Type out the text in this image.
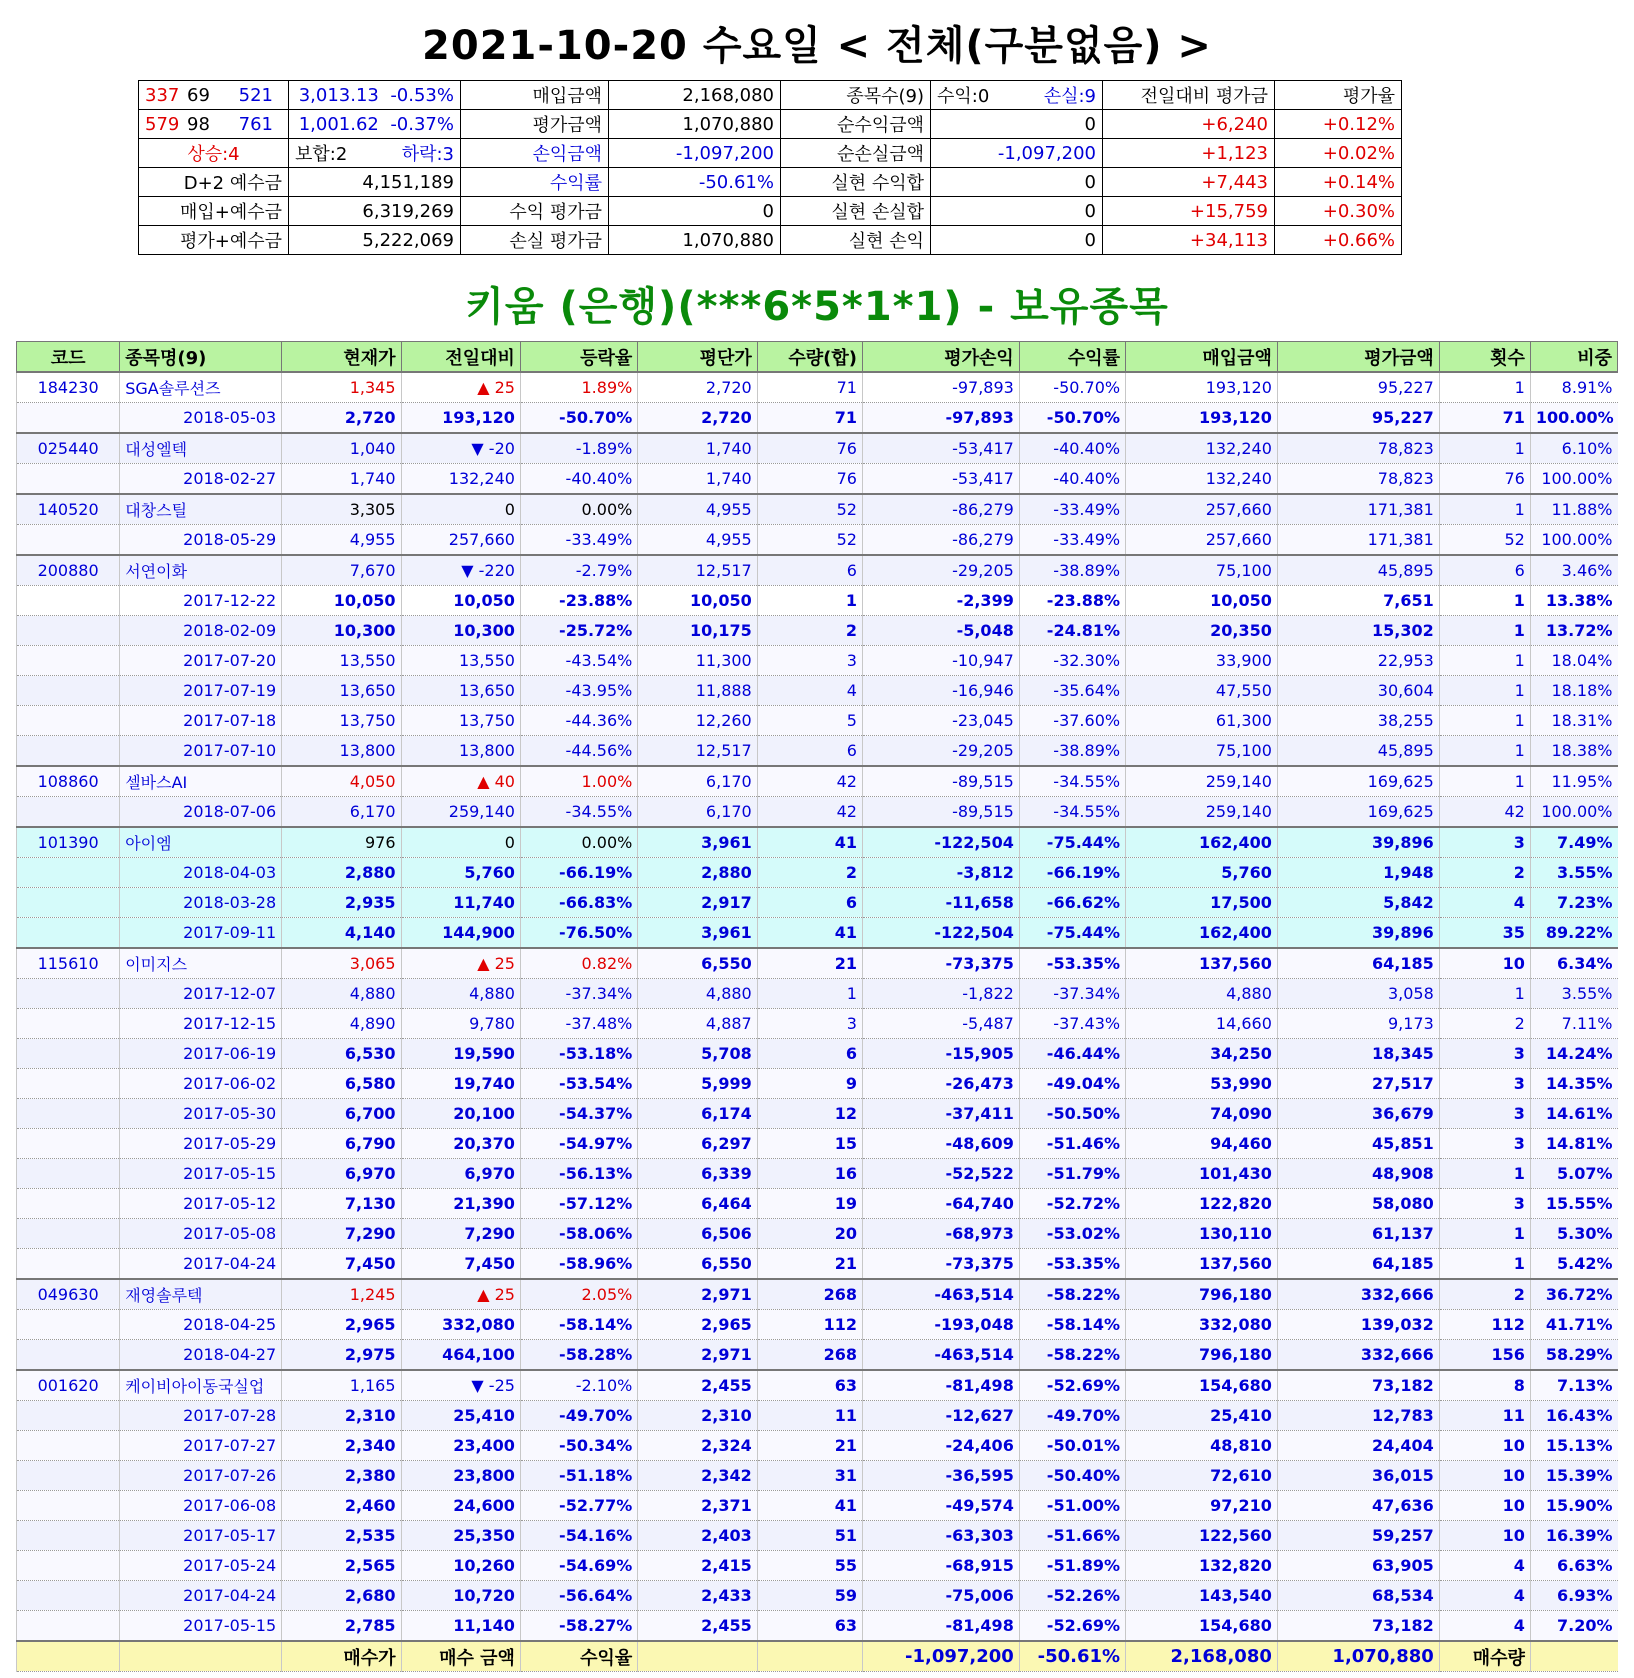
2021-10-20 수요일 < 전체(구분없음) >
337 69 521	3,013.13 -0.53%	매입금액	2,168,080	종목수(9)	수익:0 손실:9	전일대비 평가금	평가율
579 98 761	1,001.62 -0.37%	평가금액	1,070,880	순수익금액	0	+6,240	+0.12%
상승:4	보합:2 하락:3	손익금액	-1,097,200	순손실금액	-1,097,200	+1,123	+0.02%
D+2 예수금	4,151,189	수익률	-50.61%	실현 수익합	0	+7,443	+0.14%
매입+예수금	6,319,269	수익 평가금	0	실현 손실합	0	+15,759	+0.30%
평가+예수금	5,222,069	손실 평가금	1,070,880	실현 손익	0	+34,113	+0.66%
키움 (은행)(***6*5*1*1) - 보유종목
코드	종목명(9)	현재가	전일대비	등락율	평단가	수량(합)	평가손익	수익률	매입금액	평가금액	횟수	비중
184230	SGA솔루션즈	1,345	▲ 25	1.89%	2,720	71	-97,893	-50.70%	193,120	95,227	1	8.91%
	2018-05-03	2,720	193,120	-50.70%	2,720	71	-97,893	-50.70%	193,120	95,227	71	100.00%
025440	대성엘텍	1,040	▼ -20	-1.89%	1,740	76	-53,417	-40.40%	132,240	78,823	1	6.10%
	2018-02-27	1,740	132,240	-40.40%	1,740	76	-53,417	-40.40%	132,240	78,823	76	100.00%
140520	대창스틸	3,305	0	0.00%	4,955	52	-86,279	-33.49%	257,660	171,381	1	11.88%
	2018-05-29	4,955	257,660	-33.49%	4,955	52	-86,279	-33.49%	257,660	171,381	52	100.00%
200880	서연이화	7,670	▼ -220	-2.79%	12,517	6	-29,205	-38.89%	75,100	45,895	6	3.46%
	2017-12-22	10,050	10,050	-23.88%	10,050	1	-2,399	-23.88%	10,050	7,651	1	13.38%
	2018-02-09	10,300	10,300	-25.72%	10,175	2	-5,048	-24.81%	20,350	15,302	1	13.72%
	2017-07-20	13,550	13,550	-43.54%	11,300	3	-10,947	-32.30%	33,900	22,953	1	18.04%
	2017-07-19	13,650	13,650	-43.95%	11,888	4	-16,946	-35.64%	47,550	30,604	1	18.18%
	2017-07-18	13,750	13,750	-44.36%	12,260	5	-23,045	-37.60%	61,300	38,255	1	18.31%
	2017-07-10	13,800	13,800	-44.56%	12,517	6	-29,205	-38.89%	75,100	45,895	1	18.38%
108860	셀바스AI	4,050	▲ 40	1.00%	6,170	42	-89,515	-34.55%	259,140	169,625	1	11.95%
	2018-07-06	6,170	259,140	-34.55%	6,170	42	-89,515	-34.55%	259,140	169,625	42	100.00%
101390	아이엠	976	0	0.00%	3,961	41	-122,504	-75.44%	162,400	39,896	3	7.49%
	2018-04-03	2,880	5,760	-66.19%	2,880	2	-3,812	-66.19%	5,760	1,948	2	3.55%
	2018-03-28	2,935	11,740	-66.83%	2,917	6	-11,658	-66.62%	17,500	5,842	4	7.23%
	2017-09-11	4,140	144,900	-76.50%	3,961	41	-122,504	-75.44%	162,400	39,896	35	89.22%
115610	이미지스	3,065	▲ 25	0.82%	6,550	21	-73,375	-53.35%	137,560	64,185	10	6.34%
	2017-12-07	4,880	4,880	-37.34%	4,880	1	-1,822	-37.34%	4,880	3,058	1	3.55%
	2017-12-15	4,890	9,780	-37.48%	4,887	3	-5,487	-37.43%	14,660	9,173	2	7.11%
	2017-06-19	6,530	19,590	-53.18%	5,708	6	-15,905	-46.44%	34,250	18,345	3	14.24%
	2017-06-02	6,580	19,740	-53.54%	5,999	9	-26,473	-49.04%	53,990	27,517	3	14.35%
	2017-05-30	6,700	20,100	-54.37%	6,174	12	-37,411	-50.50%	74,090	36,679	3	14.61%
	2017-05-29	6,790	20,370	-54.97%	6,297	15	-48,609	-51.46%	94,460	45,851	3	14.81%
	2017-05-15	6,970	6,970	-56.13%	6,339	16	-52,522	-51.79%	101,430	48,908	1	5.07%
	2017-05-12	7,130	21,390	-57.12%	6,464	19	-64,740	-52.72%	122,820	58,080	3	15.55%
	2017-05-08	7,290	7,290	-58.06%	6,506	20	-68,973	-53.02%	130,110	61,137	1	5.30%
	2017-04-24	7,450	7,450	-58.96%	6,550	21	-73,375	-53.35%	137,560	64,185	1	5.42%
049630	재영솔루텍	1,245	▲ 25	2.05%	2,971	268	-463,514	-58.22%	796,180	332,666	2	36.72%
	2018-04-25	2,965	332,080	-58.14%	2,965	112	-193,048	-58.14%	332,080	139,032	112	41.71%
	2018-04-27	2,975	464,100	-58.28%	2,971	268	-463,514	-58.22%	796,180	332,666	156	58.29%
001620	케이비아이동국실업	1,165	▼ -25	-2.10%	2,455	63	-81,498	-52.69%	154,680	73,182	8	7.13%
	2017-07-28	2,310	25,410	-49.70%	2,310	11	-12,627	-49.70%	25,410	12,783	11	16.43%
	2017-07-27	2,340	23,400	-50.34%	2,324	21	-24,406	-50.01%	48,810	24,404	10	15.13%
	2017-07-26	2,380	23,800	-51.18%	2,342	31	-36,595	-50.40%	72,610	36,015	10	15.39%
	2017-06-08	2,460	24,600	-52.77%	2,371	41	-49,574	-51.00%	97,210	47,636	10	15.90%
	2017-05-17	2,535	25,350	-54.16%	2,403	51	-63,303	-51.66%	122,560	59,257	10	16.39%
	2017-05-24	2,565	10,260	-54.69%	2,415	55	-68,915	-51.89%	132,820	63,905	4	6.63%
	2017-04-24	2,680	10,720	-56.64%	2,433	59	-75,006	-52.26%	143,540	68,534	4	6.93%
	2017-05-15	2,785	11,140	-58.27%	2,455	63	-81,498	-52.69%	154,680	73,182	4	7.20%
		매수가	매수 금액	수익율			-1,097,200	-50.61%	2,168,080	1,070,880	매수량	
